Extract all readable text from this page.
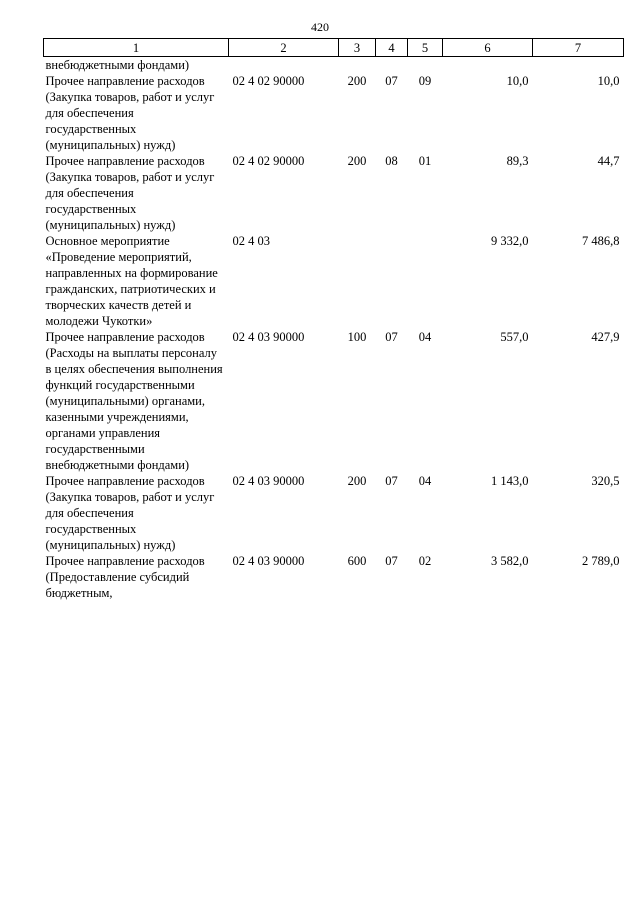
420
1	2	3	4	5	6	7
внебюджетными фондами)						
Прочее направление расходов (Закупка товаров, работ и услуг для обеспечения государственных (муниципальных) нужд)	02 4 02 90000	200	07	09	10,0	10,0
Прочее направление расходов (Закупка товаров, работ и услуг для обеспечения государственных (муниципальных) нужд)	02 4 02 90000	200	08	01	89,3	44,7
Основное мероприятие «Проведение мероприятий, направленных на формирование гражданских, патриотических и творческих качеств детей и молодежи Чукотки»	02 4 03				9 332,0	7 486,8
Прочее направление расходов (Расходы на выплаты персоналу в целях обеспечения выполнения функций государственными (муниципальными) органами, казенными учреждениями, органами управления государственными внебюджетными фондами)	02 4 03 90000	100	07	04	557,0	427,9
Прочее направление расходов (Закупка товаров, работ и услуг для обеспечения государственных (муниципальных) нужд)	02 4 03 90000	200	07	04	1 143,0	320,5
Прочее направление расходов (Предоставление субсидий бюджетным,	02 4 03 90000	600	07	02	3 582,0	2 789,0
